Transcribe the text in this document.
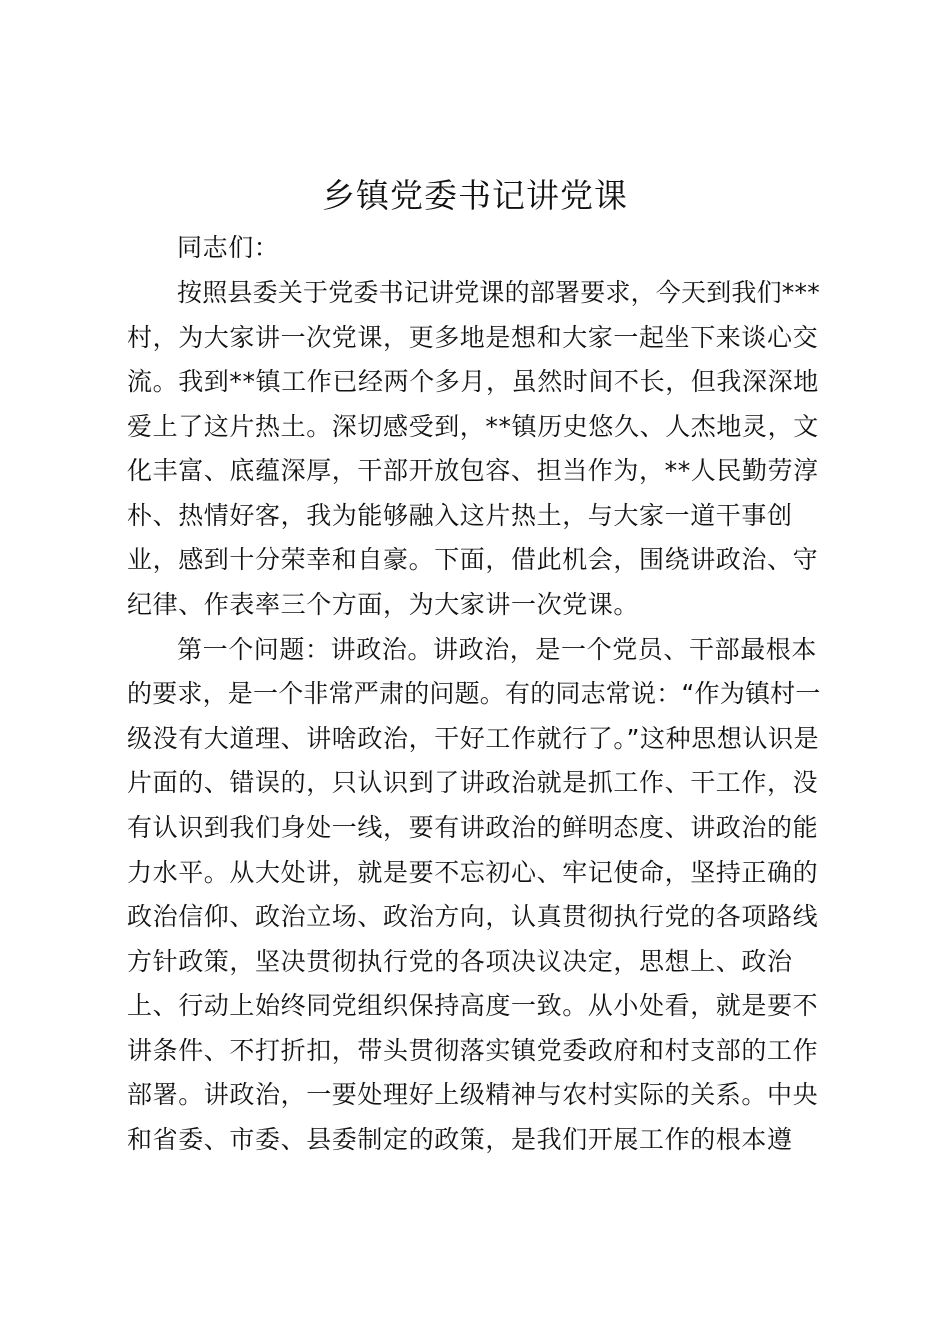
乡镇党委书记讲党课
同志们：
按照县委关于党委书记讲党课的部署要求，今天到我们***
村，为大家讲一次党课，更多地是想和大家一起坐下来谈心交
流。我到**镇工作已经两个多月，虽然时间不长，但我深深地
爱上了这片热土。深切感受到，**镇历史悠久、人杰地灵，文
化丰富、底蕴深厚，干部开放包容、担当作为，**人民勤劳淳
朴、热情好客，我为能够融入这片热土，与大家一道干事创
业，感到十分荣幸和自豪。下面，借此机会，围绕讲政治、守
纪律、作表率三个方面，为大家讲一次党课。
第一个问题：讲政治。讲政治，是一个党员、干部最根本
的要求，是一个非常严肃的问题。有的同志常说：“作为镇村一
级没有大道理、讲啥政治，干好工作就行了。”这种思想认识是
片面的、错误的，只认识到了讲政治就是抓工作、干工作，没
有认识到我们身处一线，要有讲政治的鲜明态度、讲政治的能
力水平。从大处讲，就是要不忘初心、牢记使命，坚持正确的
政治信仰、政治立场、政治方向，认真贯彻执行党的各项路线
方针政策，坚决贯彻执行党的各项决议决定，思想上、政治
上、行动上始终同党组织保持高度一致。从小处看，就是要不
讲条件、不打折扣，带头贯彻落实镇党委政府和村支部的工作
部署。讲政治，一要处理好上级精神与农村实际的关系。中央
和省委、市委、县委制定的政策，是我们开展工作的根本遵
